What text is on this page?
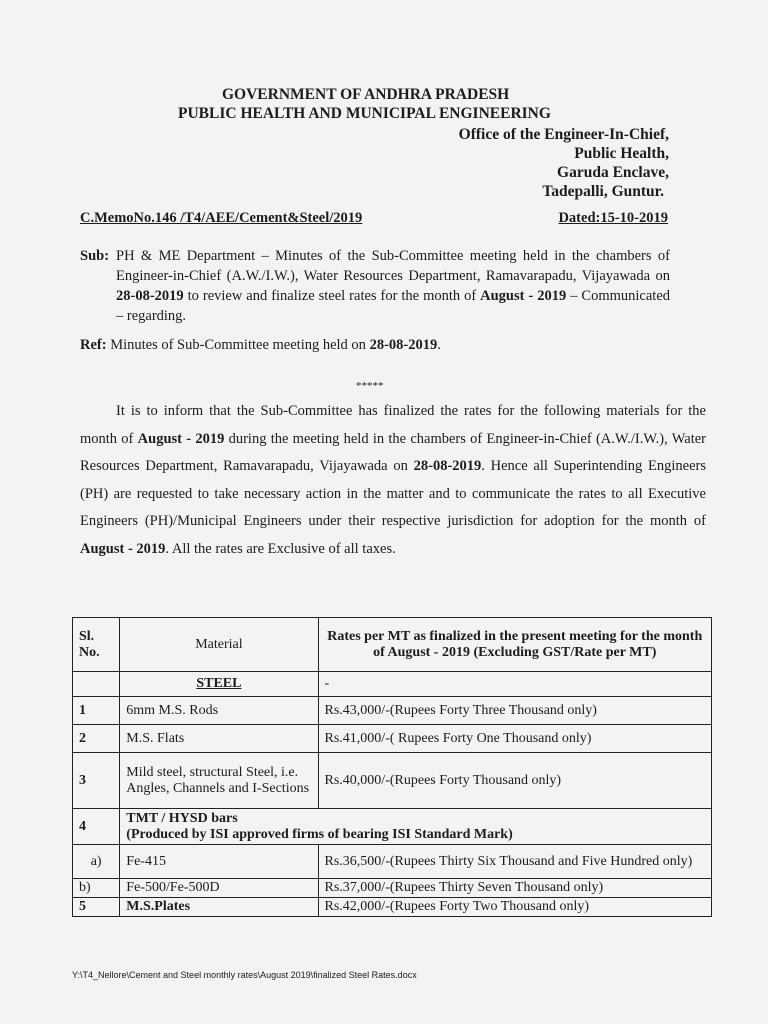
GOVERNMENT OF ANDHRA PRADESH
PUBLIC HEALTH AND MUNICIPAL ENGINEERING
Office of the Engineer-In-Chief,
Public Health,
Garuda Enclave,
Tadepalli, Guntur.
C.MemoNo.146 /T4/AEE/Cement&Steel/2019	Dated:15-10-2019
Sub: PH & ME Department – Minutes of the Sub-Committee meeting held in the chambers of Engineer-in-Chief (A.W./I.W.), Water Resources Department, Ramavarapadu, Vijayawada on 28-08-2019 to review and finalize steel rates for the month of August - 2019 – Communicated – regarding.
Ref: Minutes of Sub-Committee meeting held on 28-08-2019.
*****
It is to inform that the Sub-Committee has finalized the rates for the following materials for the month of August - 2019 during the meeting held in the chambers of Engineer-in-Chief (A.W./I.W.), Water Resources Department, Ramavarapadu, Vijayawada on 28-08-2019. Hence all Superintending Engineers (PH) are requested to take necessary action in the matter and to communicate the rates to all Executive Engineers (PH)/Municipal Engineers under their respective jurisdiction for adoption for the month of August - 2019. All the rates are Exclusive of all taxes.
Sl. No.	Material	Rates per MT as finalized in the present meeting for the month of August - 2019 (Excluding GST/Rate per MT)
	STEEL	-
1	6mm M.S. Rods	Rs.43,000/-(Rupees Forty Three Thousand only)
2	M.S. Flats	Rs.41,000/-( Rupees Forty One Thousand only)
3	Mild steel, structural Steel, i.e. Angles, Channels and I-Sections	Rs.40,000/-(Rupees Forty Thousand only)
4	TMT / HYSD bars
(Produced by ISI approved firms of bearing ISI Standard Mark)	

a)	Fe-415	Rs.36,500/-(Rupees Thirty Six Thousand and Five Hundred only)
b)	Fe-500/Fe-500D	Rs.37,000/-(Rupees Thirty Seven Thousand only)
5	M.S.Plates	Rs.42,000/-(Rupees Forty Two Thousand only)
Y:\T4_Nellore\Cement and Steel monthly rates\August 2019\finalized Steel Rates.docx
